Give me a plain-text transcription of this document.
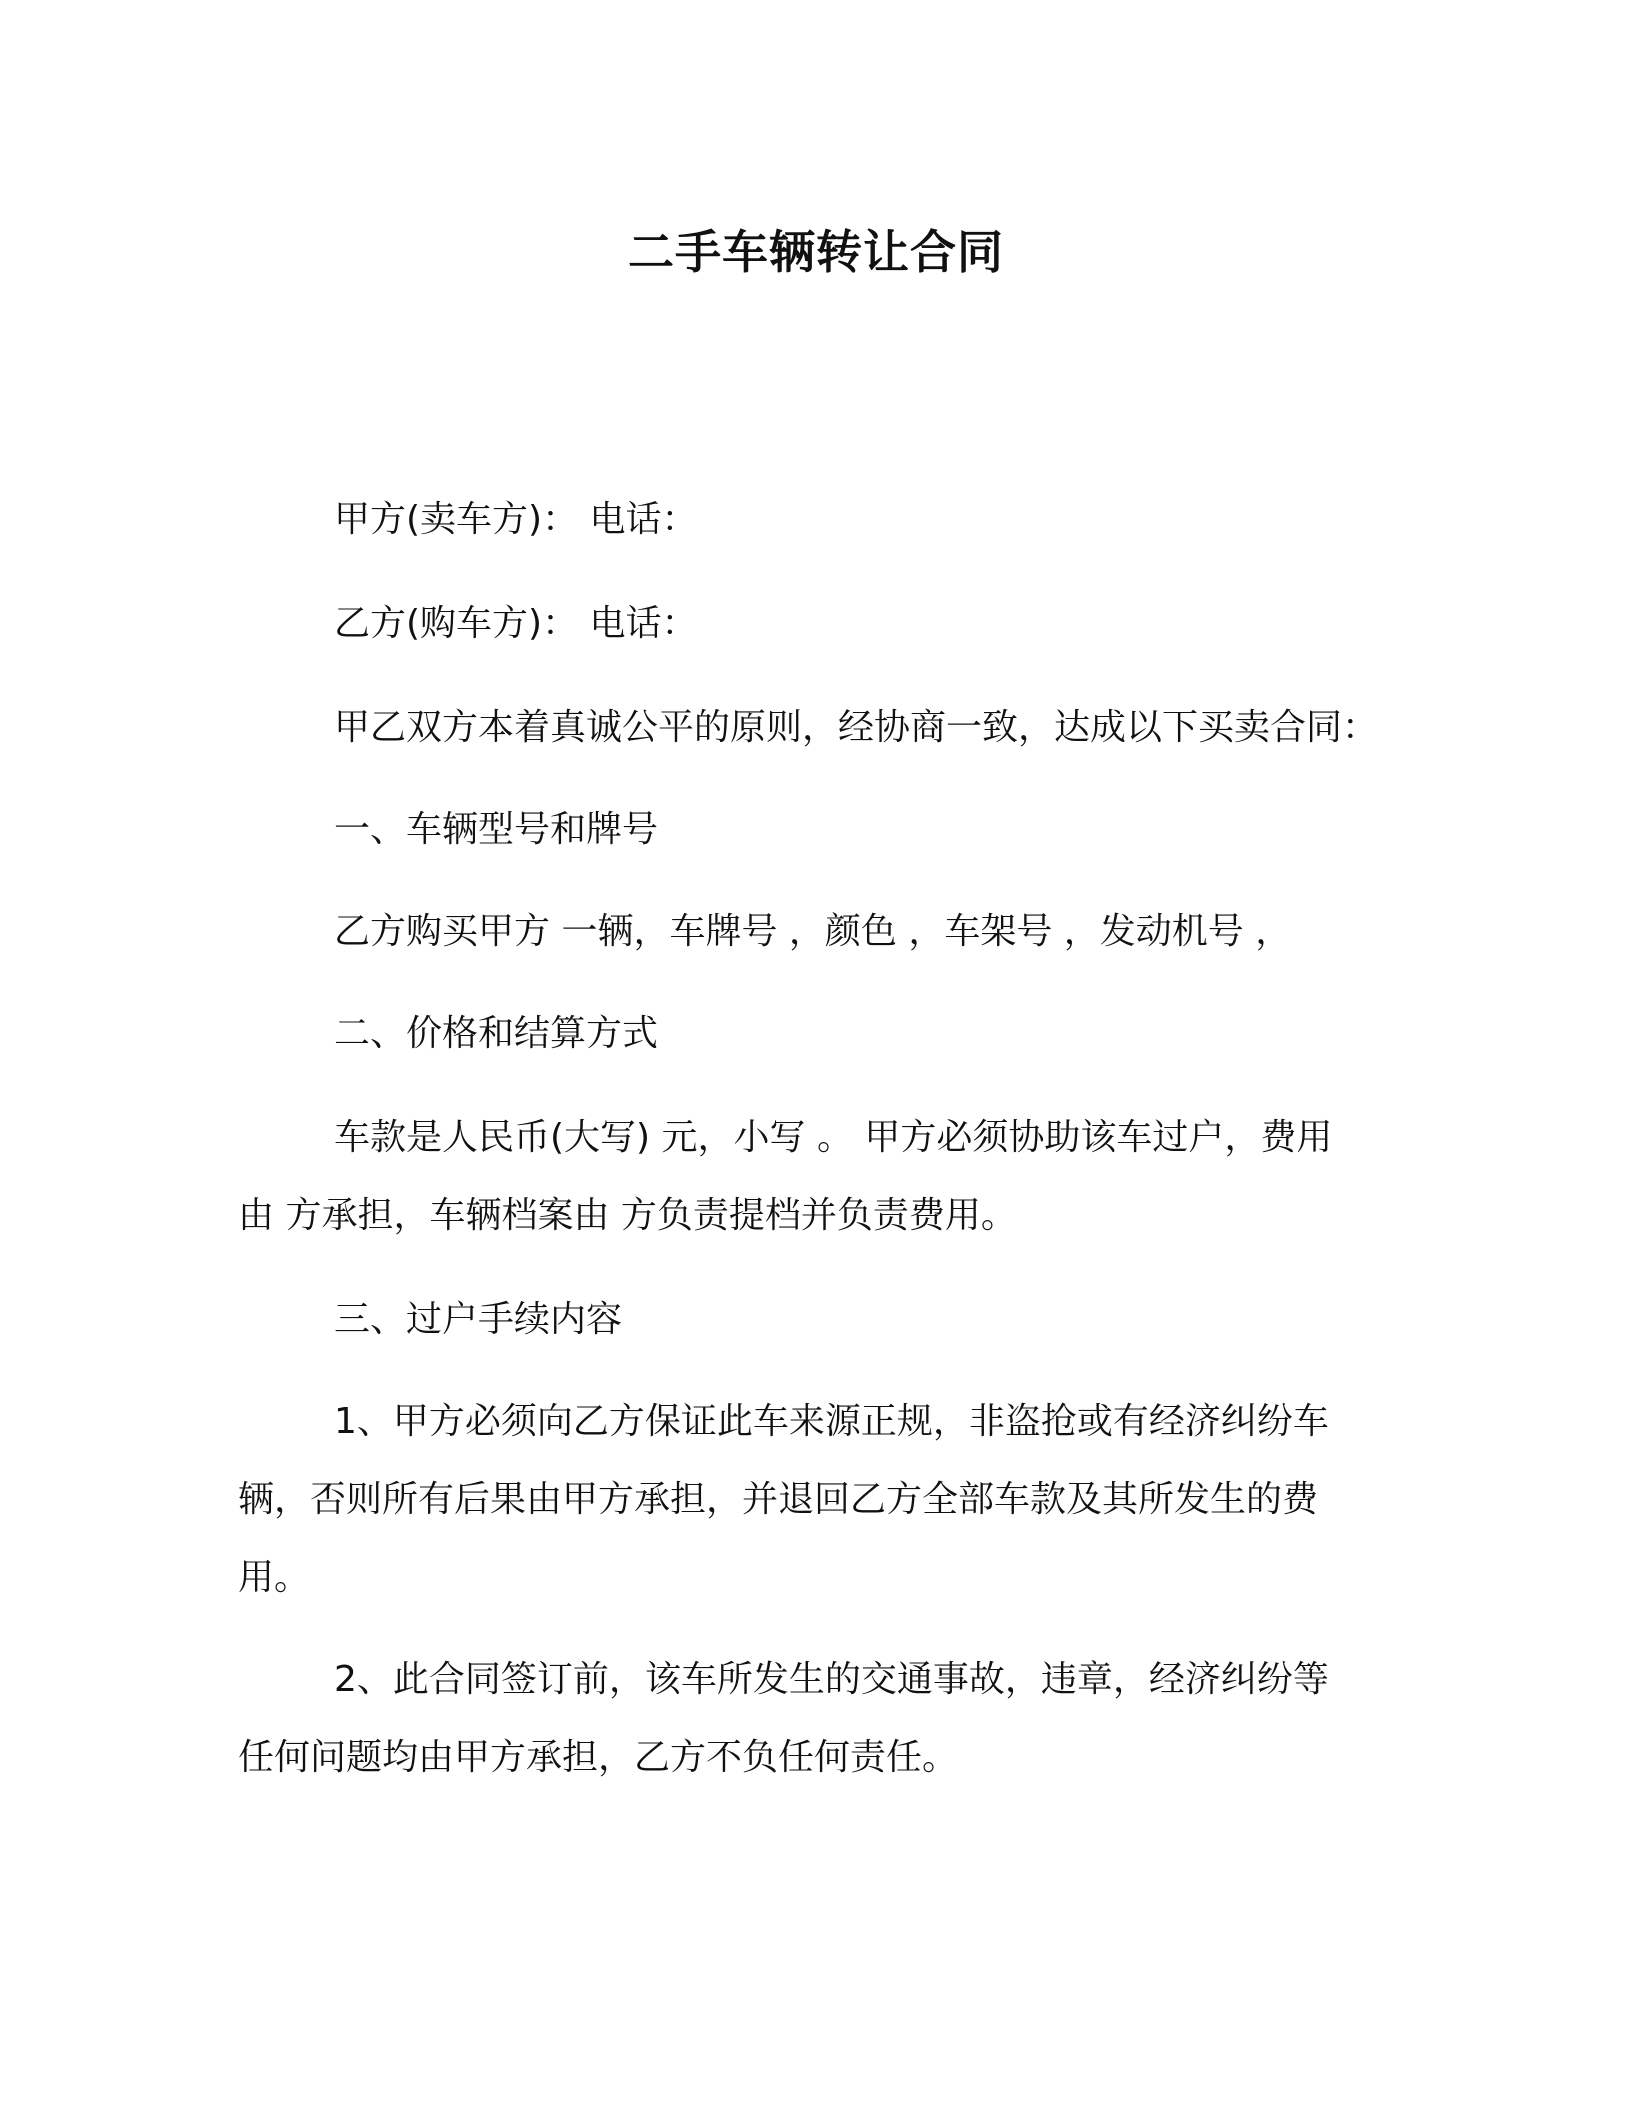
二手车辆转让合同

甲方(卖车方)： 电话：

乙方(购车方)： 电话：

甲乙双方本着真诚公平的原则，经协商一致，达成以下买卖合同：

一、车辆型号和牌号

乙方购买甲方 一辆，车牌号 ，颜色 ，车架号 ，发动机号 ，

二、价格和结算方式

车款是人民币(大写) 元，小写 。 甲方必须协助该车过户，费用

由 方承担，车辆档案由 方负责提档并负责费用。

三、过户手续内容

1、甲方必须向乙方保证此车来源正规，非盗抢或有经济纠纷车

辆，否则所有后果由甲方承担，并退回乙方全部车款及其所发生的费

用。

2、此合同签订前，该车所发生的交通事故，违章，经济纠纷等

任何问题均由甲方承担，乙方不负任何责任。
